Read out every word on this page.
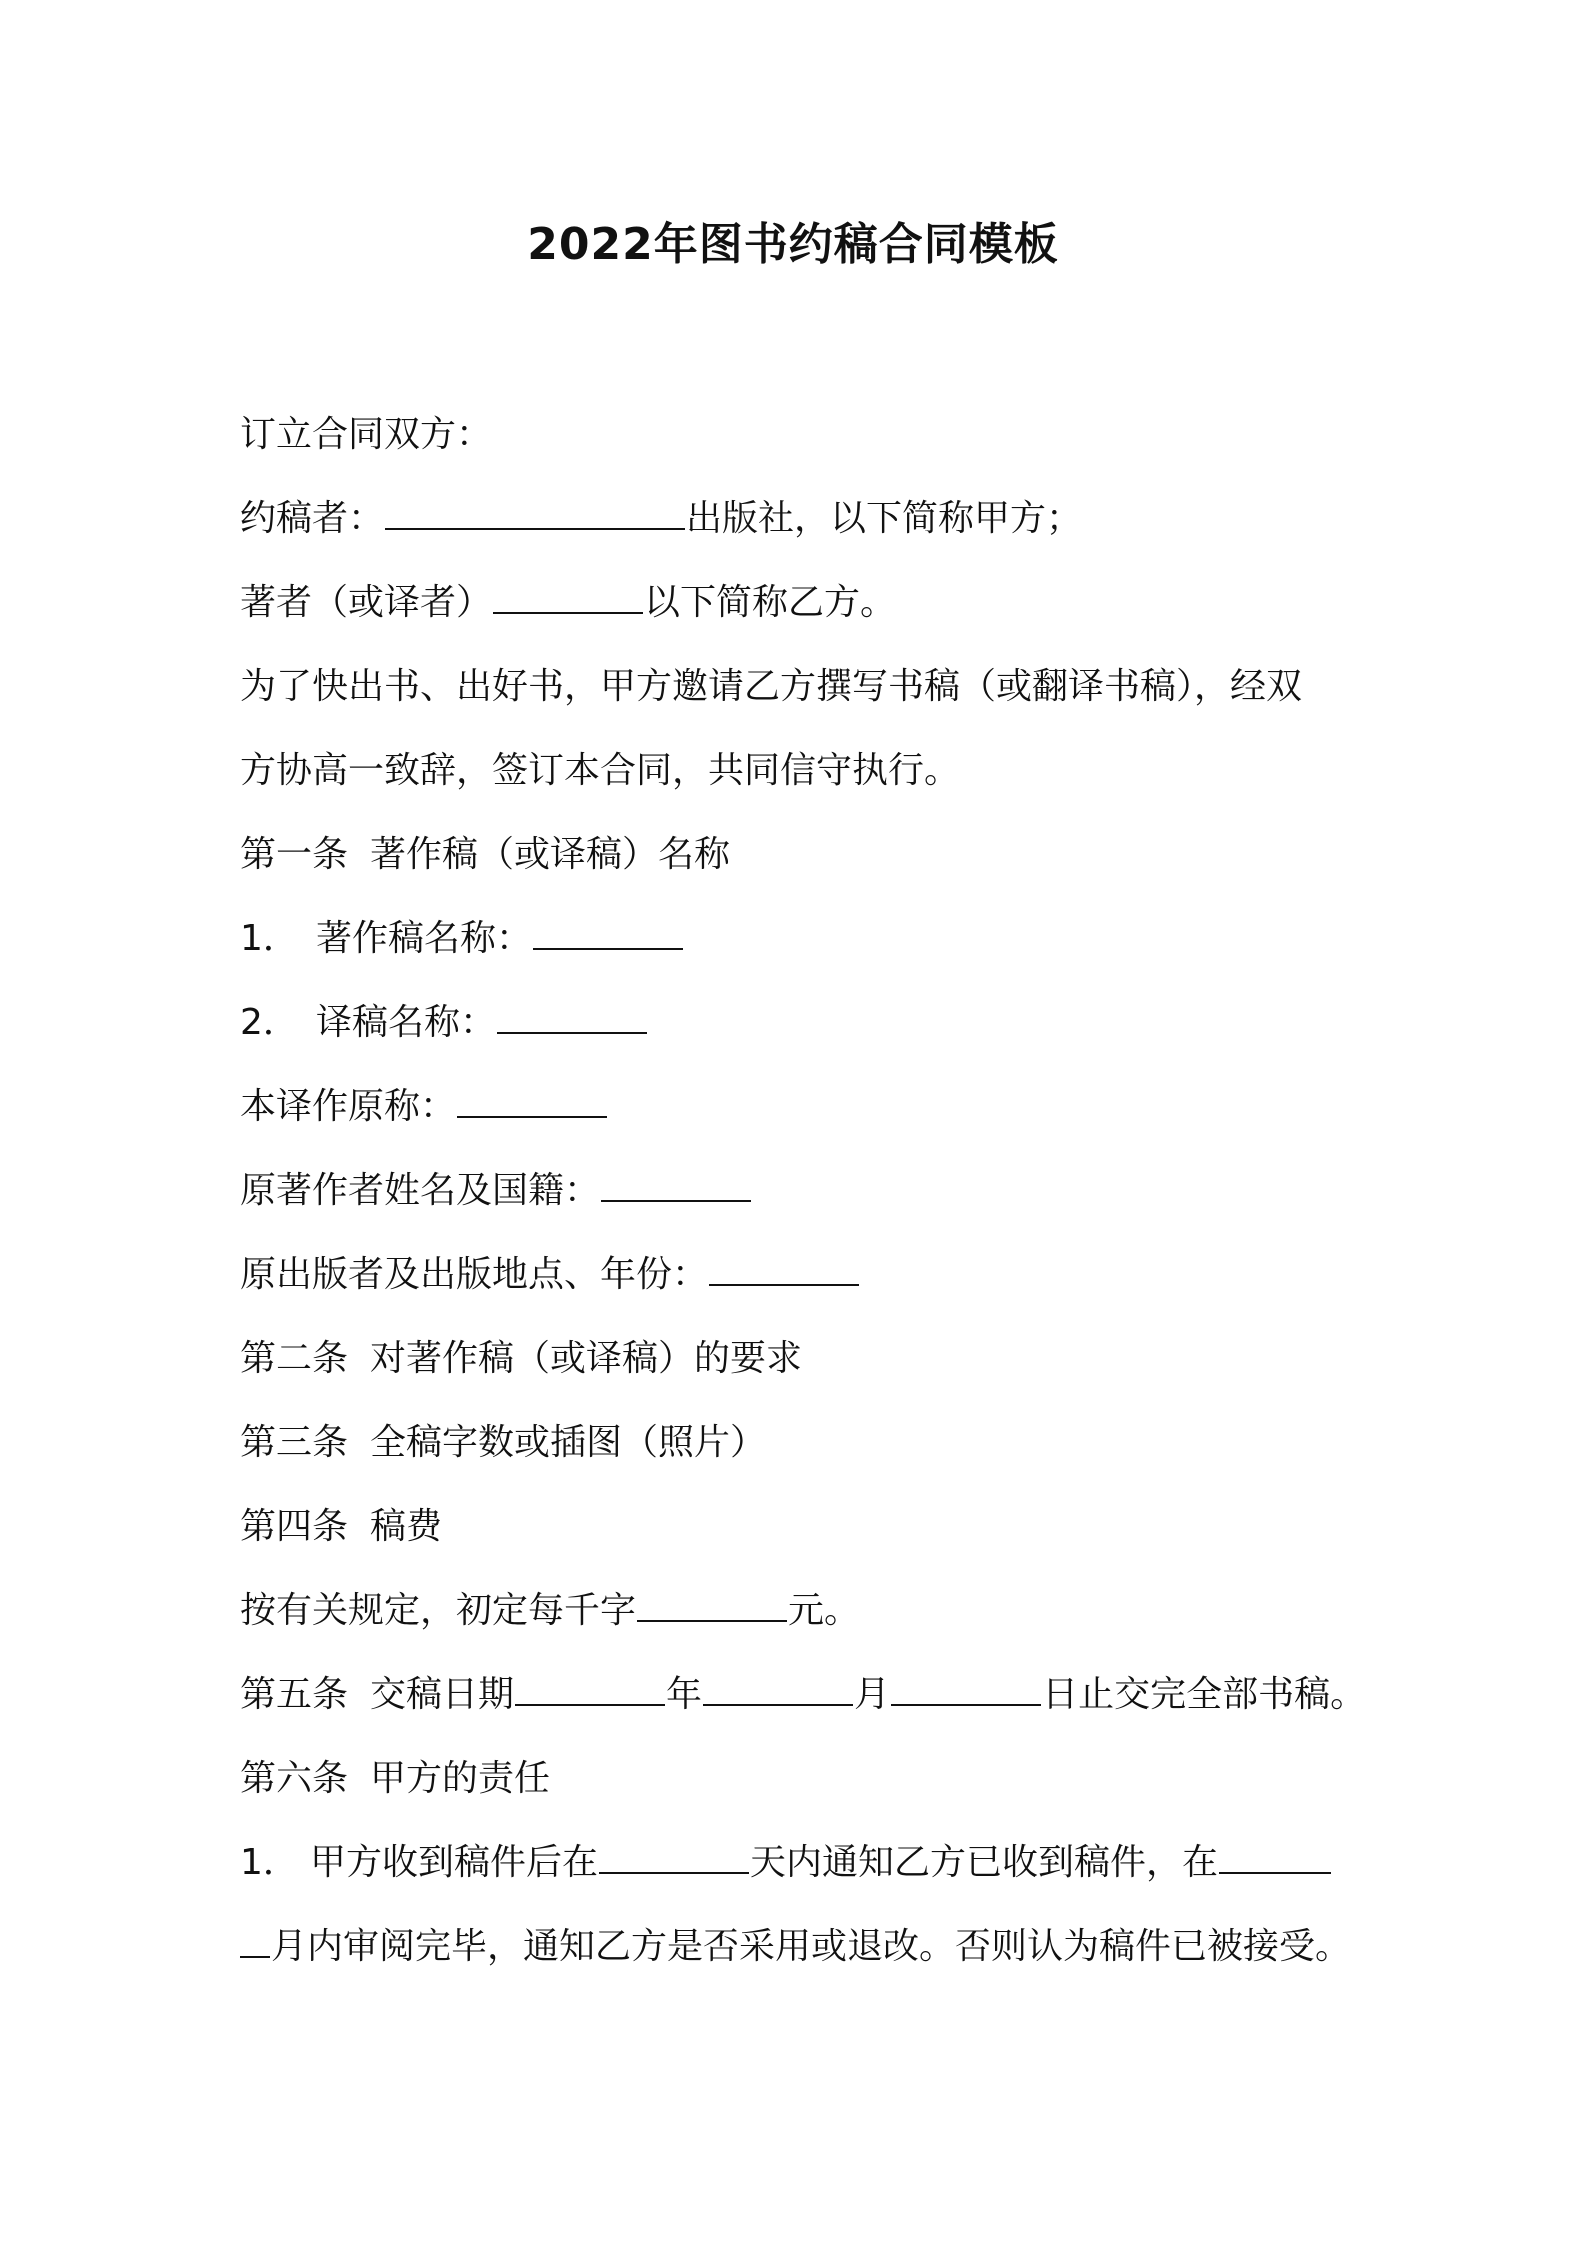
2022年图书约稿合同模板
订立合同双方：
约稿者：	出版社，以下简称甲方；
著者（或译者）	以下简称乙方。
为了快出书、出好书，甲方邀请乙方撰写书稿（或翻译书稿），经双
方协高一致辞，签订本合同，共同信守执行。
第一条 著作稿（或译稿）名称
1． 著作稿名称：
2． 译稿名称：
本译作原称：
原著作者姓名及国籍：
原出版者及出版地点、年份：
第二条 对著作稿（或译稿）的要求
第三条 全稿字数或插图（照片）
第四条 稿费
按有关规定，初定每千字	元。
第五条 交稿日期	年	月	日止交完全部书稿。
第六条 甲方的责任
1． 甲方收到稿件后在	天内通知乙方已收到稿件，在
月内审阅完毕，通知乙方是否采用或退改。否则认为稿件已被接受。
